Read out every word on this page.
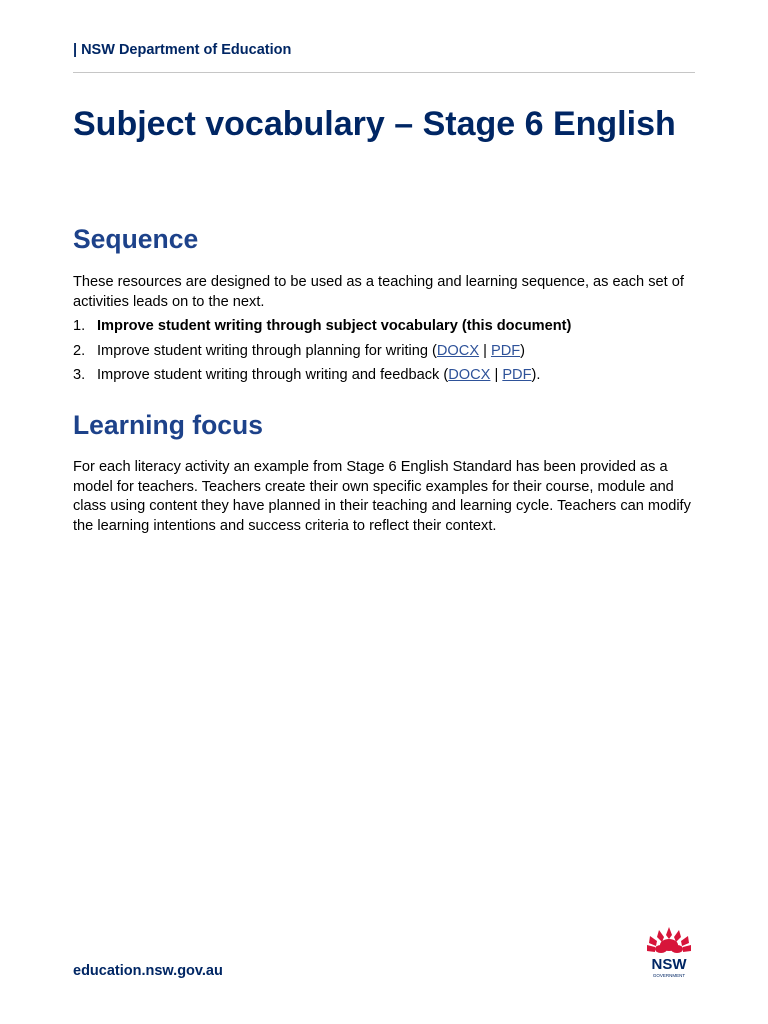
| NSW Department of Education
Subject vocabulary – Stage 6 English
Sequence

These resources are designed to be used as a teaching and learning sequence, as each set of activities leads on to the next.

1. Improve student writing through subject vocabulary (this document)
2. Improve student writing through planning for writing (DOCX | PDF)
3. Improve student writing through writing and feedback (DOCX | PDF).
Learning focus

For each literacy activity an example from Stage 6 English Standard has been provided as a model for teachers. Teachers create their own specific examples for their course, module and class using content they have planned in their teaching and learning cycle. Teachers can modify the learning intentions and success criteria to reflect their context.

education.nsw.gov.au	NSW
GOVERNMENT
